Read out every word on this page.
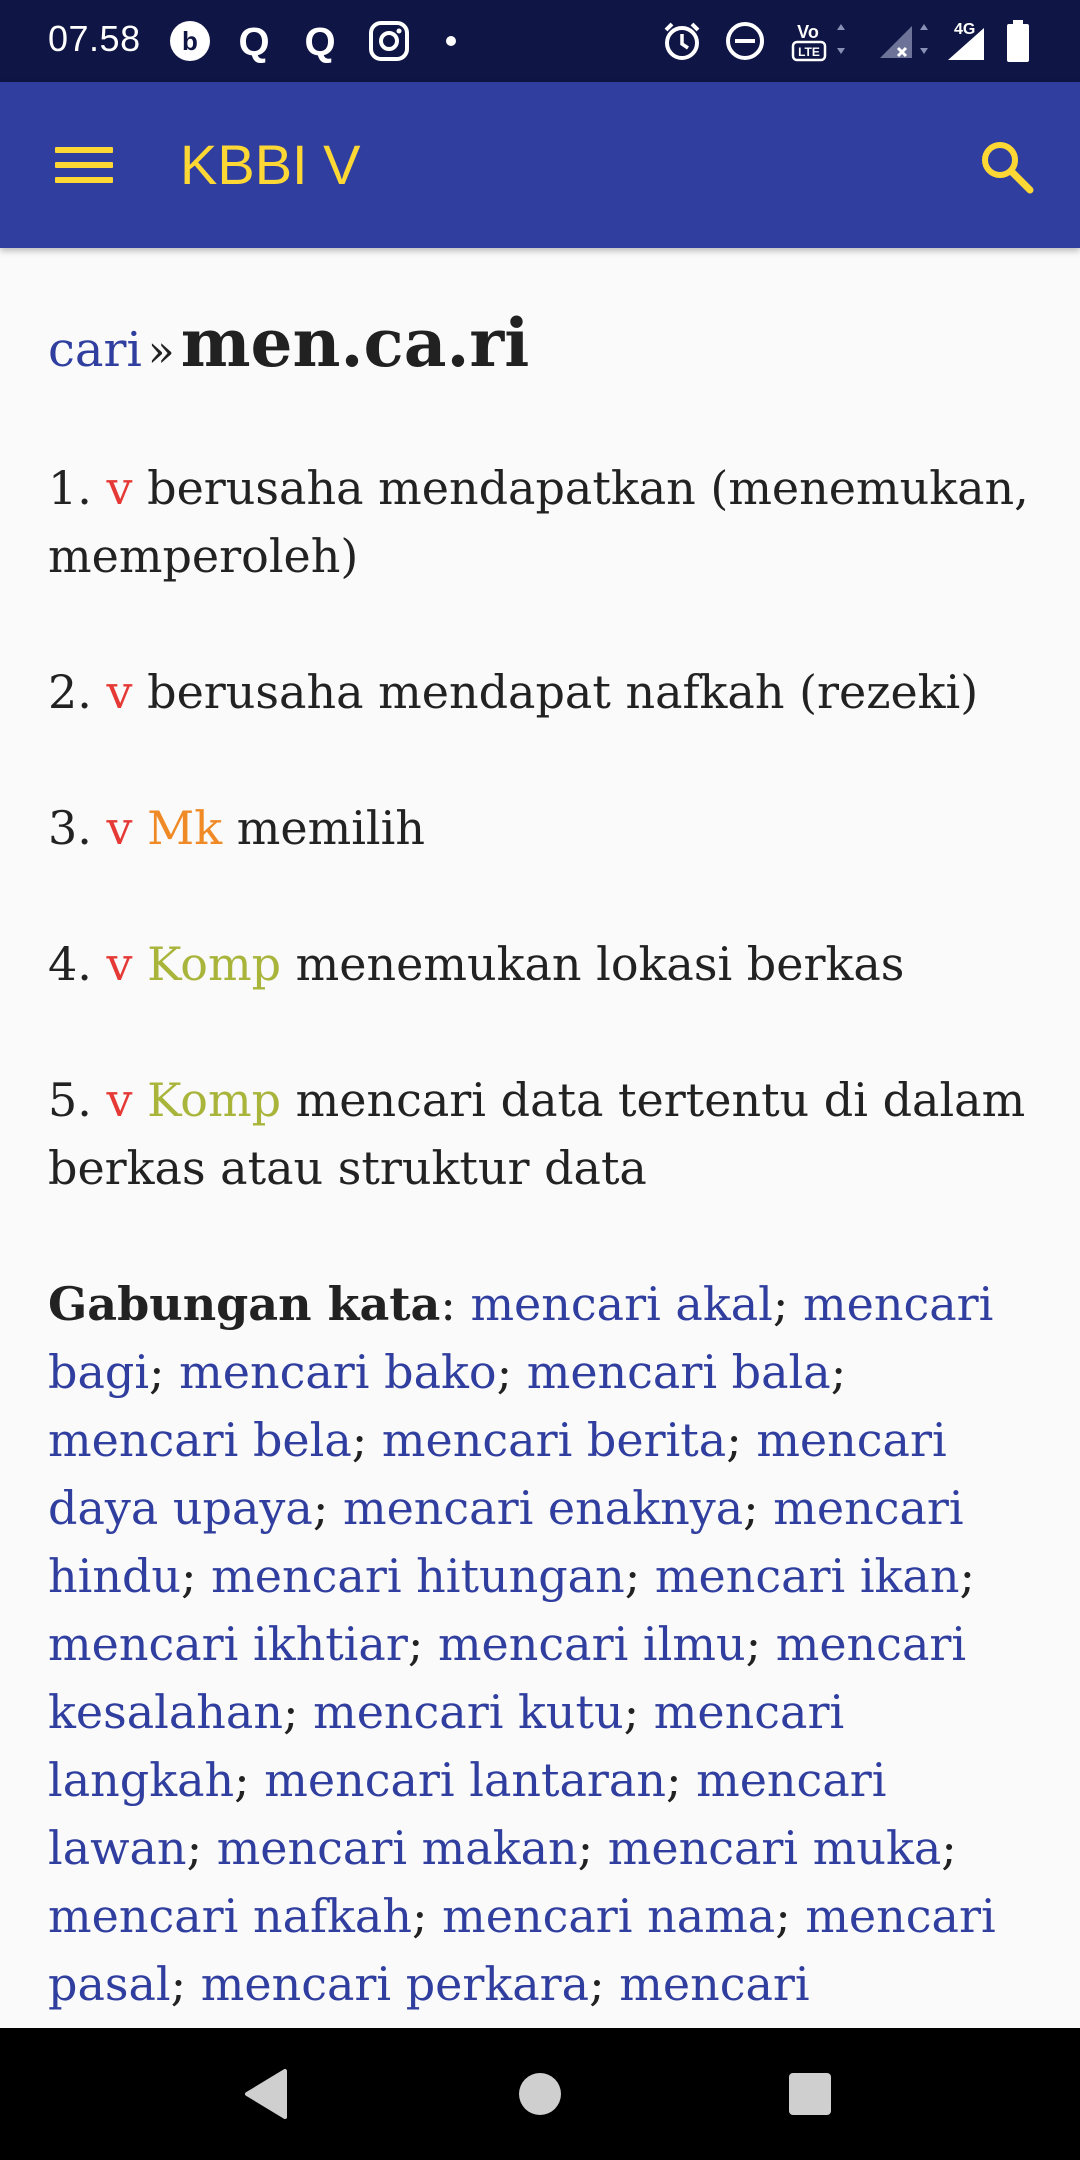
07.58 b Q Q	Vo
LTE
4G
KBBI V
cari »men.ca.ri
1. v berusaha mendapatkan (menemukan, memperoleh)
2. v berusaha mendapat nafkah (rezeki)
3. v Mk memilih
4. v Komp menemukan lokasi berkas
5. v Komp mencari data tertentu di dalam berkas atau struktur data
Gabungan kata: mencari akal; mencari bagi; mencari bako; mencari bala; mencari bela; mencari berita; mencari daya upaya; mencari enaknya; mencari hindu; mencari hitungan; mencari ikan; mencari ikhtiar; mencari ilmu; mencari kesalahan; mencari kutu; mencari langkah; mencari lantaran; mencari lawan; mencari makan; mencari muka; mencari nafkah; mencari nama; mencari pasal; mencari perkara; mencari
